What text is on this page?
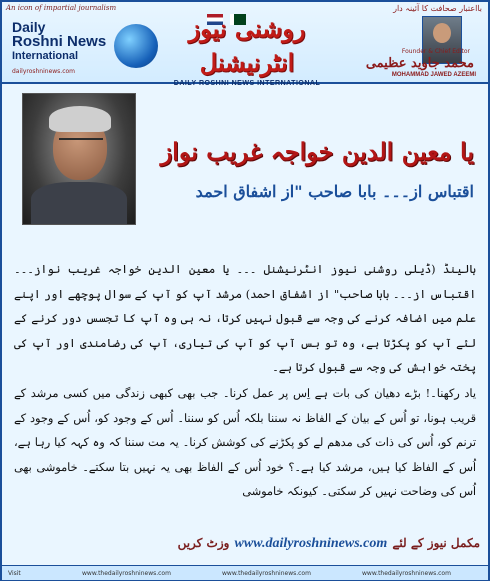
An icon of impartial journalism	بااعتبار صحافت کا آئینہ دار
Daily
Roshni News
International
dailyroshninews.com

روشنی نیوز انٹرنیشنل
DAILY ROSHNI NEWS INTERNATIONAL
Founder & Chief Editor
محمد جاوید عظیمی
MOHAMMAD JAWED AZEEMI
یا معین الدین خواجہ غریب نواز
اقتباس از۔۔۔ بابا صاحب "از اشفاق احمد

ہالینڈ (ڈیلی روشنی نیوز انٹرنیشنل ۔۔۔ یا معین الدین خواجہ غریب نواز۔۔۔ اقتباس از۔۔۔ بابا صاحب" از اشفاق احمد) مرشد آپ کو آپ کے سوال پوچھے اور اپنے علم میں اضافہ کرنے کی وجہ سے قبول نہیں کرتا، نہ ہی وہ آپ کا تجسس دور کرنے کے لئے آپ کو پکڑتا ہے، وہ تو بس آپ کو آپ کی تیاری، آپ کی رضامندی اور آپ کی پختہ خواہش کی وجہ سے قبول کرتا ہے۔

یاد رکھنا۔! بڑے دھیان کی بات ہے اِس پر عمل کرنا۔ جب بھی کبھی زندگی میں کسی مرشد کے قریب ہونا، تو اُس کے بیان کے الفاظ نہ سننا بلکہ اُس کو سننا۔ اُس کے وجود کو، اُس کے وجود کے ترنم کو، اُس کی ذات کی مدھم لے کو پکڑنے کی کوشش کرنا۔ یہ مت سننا کہ وہ کہہ کیا رہا ہے، اُس کے الفاظ کیا ہیں، مرشد کیا ہے۔؟ خود اُس کے الفاظ بھی یہ نہیں بتا سکتے۔ خاموشی بھی اُس کی وضاحت نہیں کر سکتی۔ کیونکہ خاموشی

مکمل نیوز کے لئے www.dailyroshninews.com وزٹ کریں
Visit	www.thedailyroshninews.com	www.thedailyroshninews.com	www.thedailyroshninews.com
